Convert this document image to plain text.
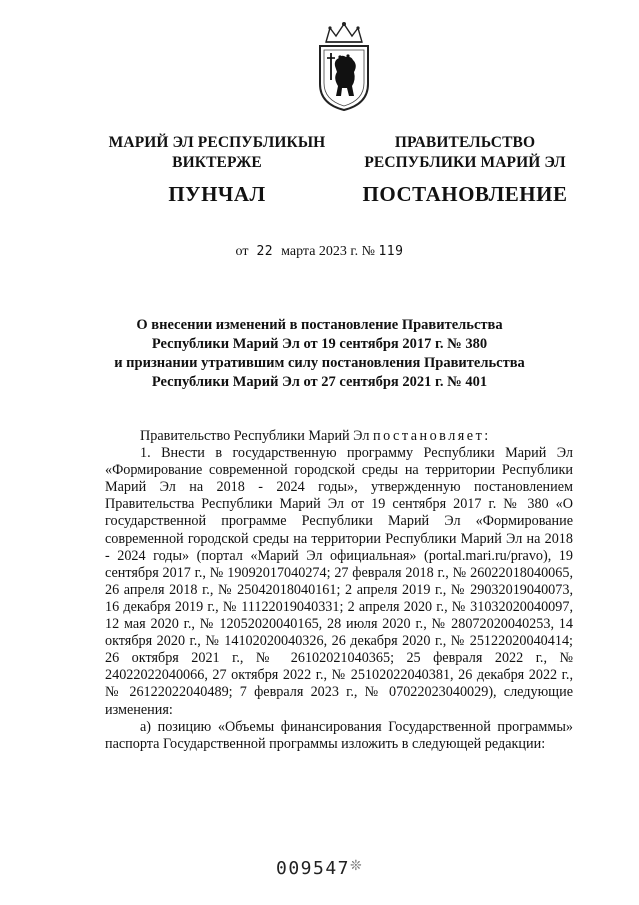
МАРИЙ ЭЛ РЕСПУБЛИКЫН
ВИКТЕРЖЕ
ПУНЧАЛ
ПРАВИТЕЛЬСТВО
РЕСПУБЛИКИ МАРИЙ ЭЛ
ПОСТАНОВЛЕНИЕ
от 22 марта 2023 г. № 119
О внесении изменений в постановление Правительства
Республики Марий Эл от 19 сентября 2017 г. № 380
и признании утратившим силу постановления Правительства
Республики Марий Эл от 27 сентября 2021 г. № 401

Правительство Республики Марий Эл постановляет:

1. Внести в государственную программу Республики Марий Эл «Формирование современной городской среды на территории Республики Марий Эл на 2018 - 2024 годы», утвержденную постановлением Правительства Республики Марий Эл от 19 сентября 2017 г. № 380 «О государственной программе Республики Марий Эл «Формирование современной городской среды на территории Республики Марий Эл на 2018 - 2024 годы» (портал «Марий Эл официальная» (portal.mari.ru/pravo), 19 сентября 2017 г., № 19092017040274; 27 февраля 2018 г., № 26022018040065, 26 апреля 2018 г., № 25042018040161; 2 апреля 2019 г., № 29032019040073, 16 декабря 2019 г., № 11122019040331; 2 апреля 2020 г., № 31032020040097, 12 мая 2020 г., № 12052020040165, 28 июля 2020 г., № 28072020040253, 14 октября 2020 г., № 14102020040326, 26 декабря 2020 г., № 25122020040414; 26 октября 2021 г., № 26102021040365; 25 февраля 2022 г., № 24022022040066, 27 октября 2022 г., № 25102022040381, 26 декабря 2022 г., № 26122022040489; 7 февраля 2023 г., № 07022023040029), следующие изменения:

а) позицию «Объемы финансирования Государственной программы» паспорта Государственной программы изложить в следующей редакции:

009547 ❊
